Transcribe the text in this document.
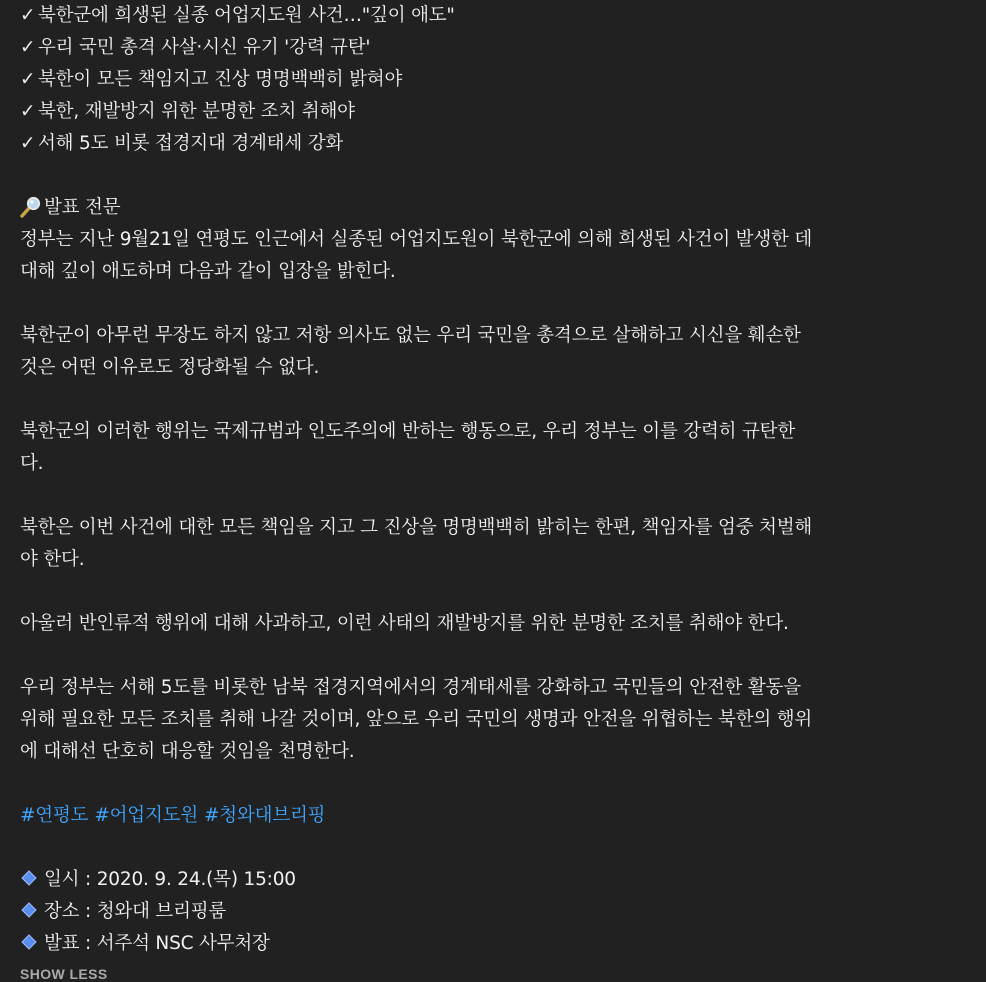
✓ 북한군에 희생된 실종 어업지도원 사건…"깊이 애도"
✓ 우리 국민 총격 사살·시신 유기 '강력 규탄'
✓ 북한이 모든 책임지고 진상 명명백백히 밝혀야
✓ 북한, 재발방지 위한 분명한 조치 취해야
✓ 서해 5도 비롯 접경지대 경계태세 강화
발표 전문
정부는 지난 9월21일 연평도 인근에서 실종된 어업지도원이 북한군에 의해 희생된 사건이 발생한 데
대해 깊이 애도하며 다음과 같이 입장을 밝힌다.
북한군이 아무런 무장도 하지 않고 저항 의사도 없는 우리 국민을 총격으로 살해하고 시신을 훼손한
것은 어떤 이유로도 정당화될 수 없다.
북한군의 이러한 행위는 국제규범과 인도주의에 반하는 행동으로, 우리 정부는 이를 강력히 규탄한
다.
북한은 이번 사건에 대한 모든 책임을 지고 그 진상을 명명백백히 밝히는 한편, 책임자를 엄중 처벌해
야 한다.
아울러 반인류적 행위에 대해 사과하고, 이런 사태의 재발방지를 위한 분명한 조치를 취해야 한다.
우리 정부는 서해 5도를 비롯한 남북 접경지역에서의 경계태세를 강화하고 국민들의 안전한 활동을
위해 필요한 모든 조치를 취해 나갈 것이며, 앞으로 우리 국민의 생명과 안전을 위협하는 북한의 행위
에 대해선 단호히 대응할 것임을 천명한다.
#연평도 #어업지도원 #청와대브리핑
일시 : 2020. 9. 24.(목) 15:00
장소 : 청와대 브리핑룸
발표 : 서주석 NSC 사무처장
SHOW LESS
